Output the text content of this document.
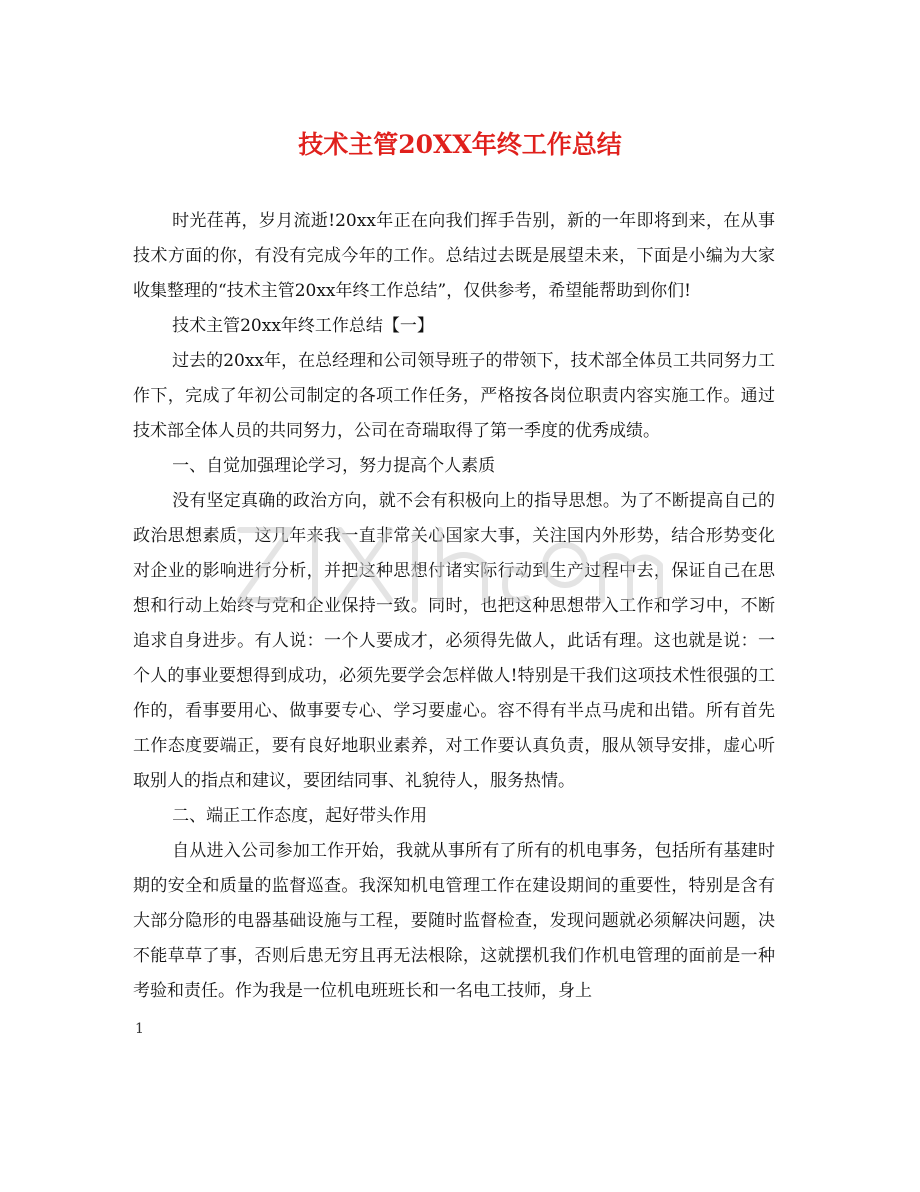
技术主管20XX年终工作总结

时光荏苒，岁月流逝!20xx年正在向我们挥手告别，新的一年即将到来，在从事技术方面的你，有没有完成今年的工作。总结过去既是展望未来，下面是小编为大家收集整理的“技术主管20xx年终工作总结”，仅供参考，希望能帮助到你们!

技术主管20xx年终工作总结【一】

过去的20xx年，在总经理和公司领导班子的带领下，技术部全体员工共同努力工作下，完成了年初公司制定的各项工作任务，严格按各岗位职责内容实施工作。通过技术部全体人员的共同努力，公司在奇瑞取得了第一季度的优秀成绩。

一、自觉加强理论学习，努力提高个人素质

没有坚定真确的政治方向，就不会有积极向上的指导思想。为了不断提高自己的政治思想素质，这几年来我一直非常关心国家大事，关注国内外形势，结合形势变化对企业的影响进行分析，并把这种思想付诸实际行动到生产过程中去，保证自己在思想和行动上始终与党和企业保持一致。同时，也把这种思想带入工作和学习中，不断追求自身进步。有人说：一个人要成才，必须得先做人，此话有理。这也就是说：一个人的事业要想得到成功，必须先要学会怎样做人!特别是干我们这项技术性很强的工作的，看事要用心、做事要专心、学习要虚心。容不得有半点马虎和出错。所有首先工作态度要端正，要有良好地职业素养，对工作要认真负责，服从领导安排，虚心听取别人的指点和建议，要团结同事、礼貌待人，服务热情。

二、端正工作态度，起好带头作用

自从进入公司参加工作开始，我就从事所有了所有的机电事务，包括所有基建时期的安全和质量的监督巡查。我深知机电管理工作在建设期间的重要性，特别是含有大部分隐形的电器基础设施与工程，要随时监督检查，发现问题就必须解决问题，决不能草草了事，否则后患无穷且再无法根除，这就摆机我们作机电管理的面前是一种考验和责任。作为我是一位机电班班长和一名电工技师，身上

1
